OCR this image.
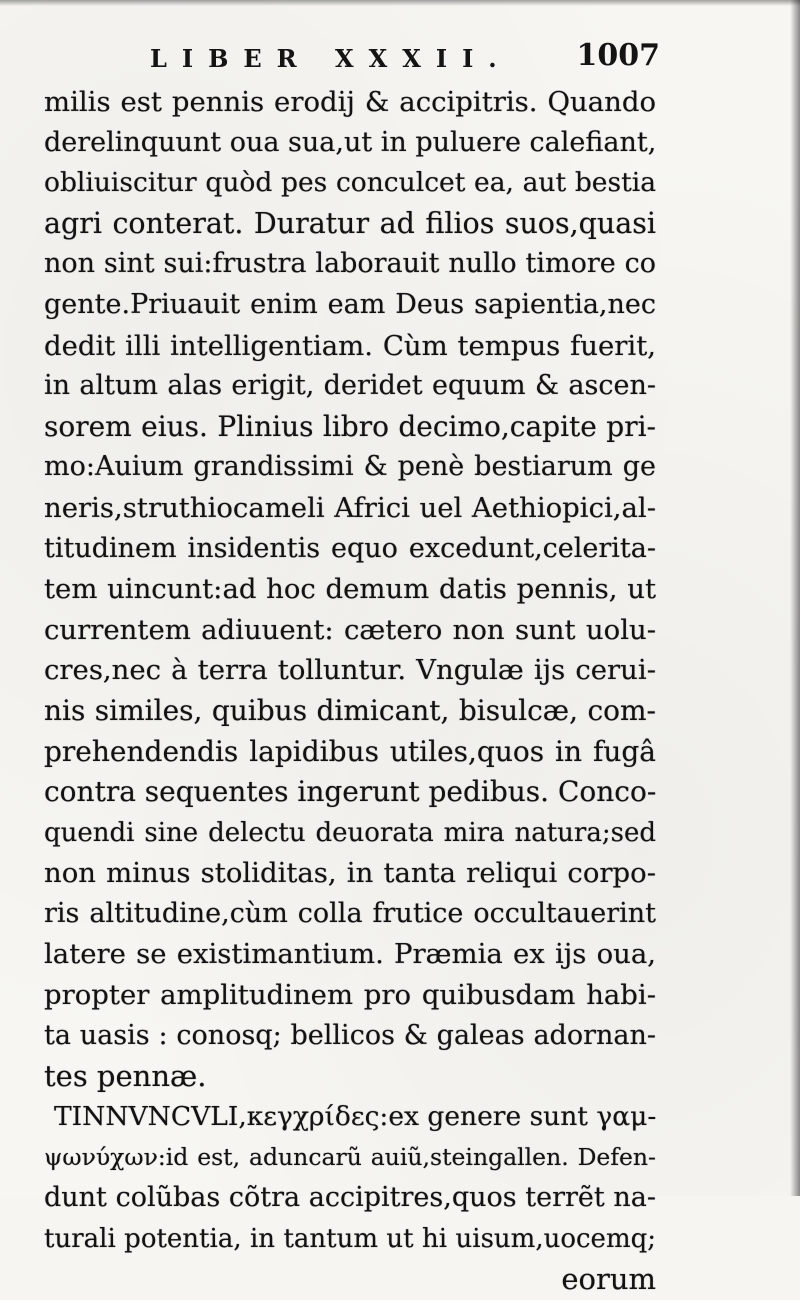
LIBER XXXII. 1007
milis est pennis erodij & accipitris. Quando
derelinquunt oua sua,ut in puluere calefiant,
obliuiscitur quòd pes conculcet ea, aut bestia
agri conterat. Duratur ad filios suos,quasi
non sint sui:frustra laborauit nullo timore co
gente.Priuauit enim eam Deus sapientia,nec
dedit illi intelligentiam. Cùm tempus fuerit,
in altum alas erigit, deridet equum & ascen-
sorem eius. Plinius libro decimo,capite pri-
mo:Auium grandissimi & penè bestiarum ge
neris,struthiocameli Africi uel Aethiopici,al-
titudinem insidentis equo excedunt,celerita-
tem uincunt:ad hoc demum datis pennis, ut
currentem adiuuent: cætero non sunt uolu-
cres,nec à terra tolluntur. Vngulæ ijs cerui-
nis similes, quibus dimicant, bisulcæ, com-
prehendendis lapidibus utiles,quos in fugâ
contra sequentes ingerunt pedibus. Conco-
quendi sine delectu deuorata mira natura;sed
non minus stoliditas, in tanta reliqui corpo-
ris altitudine,cùm colla frutice occultauerint
latere se existimantium. Præmia ex ijs oua,
propter amplitudinem pro quibusdam habi-
ta uasis : conosq; bellicos & galeas adornan-
tes pennæ.
TINNVNCVLI,κεγχρίδες:ex genere sunt γαμ-
ψωνύχων:id est, aduncarũ auiũ,steingallen. Defen-
dunt colũbas cõtra accipitres,quos terrẽt na-
turali potentia, in tantum ut hi uisum,uocemq;
eorum
